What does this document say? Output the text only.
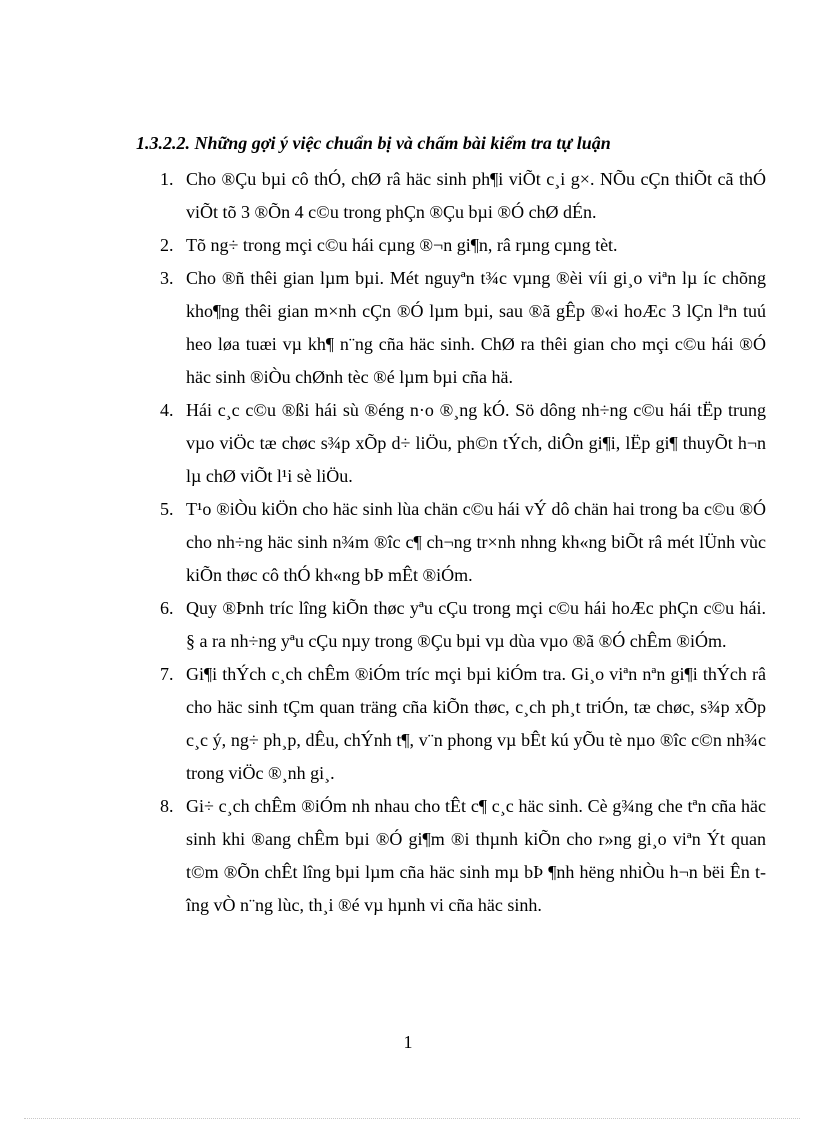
1.3.2.2. Những gợi ý việc chuẩn bị và chấm bài kiểm tra tự luận
1. Cho ®Çu bµi cô thÓ, chØ râ häc sinh ph¶i viÕt c¸i g×. NÕu cÇn thiÕt cã thÓ viÕt tõ 3 ®Õn 4 c©u trong phÇn ®Çu bµi ®Ó chØ dÉn.
2. Tõ ng÷ trong mçi c©u hái cµng ®¬n gi¶n, râ rµng cµng tèt.
3. Cho ®ñ thêi gian lµm bµi. Mét nguyªn t¾c vµng ®èi víi gi¸o viªn lµ íc chõng kho¶ng thêi gian m×nh cÇn ®Ó lµm bµi, sau ®ã gÊp ®«i hoÆc 3 lÇn lªn tuú heo løa tuæi vµ kh¶ n¨ng cña häc sinh. ChØ ra thêi gian cho mçi c©u hái ®Ó häc sinh ®iÒu chØnh tèc ®é lµm bµi cña hä.
4. Hái c¸c c©u ®ßi hái sù ®éng n·o ®¸ng kÓ. Sö dông nh÷ng c©u hái tËp trung vµo viÖc tæ chøc s¾p xÕp d÷ liÖu, ph©n tÝch, diÔn gi¶i, lËp gi¶ thuyÕt h¬n lµ chØ viÕt l¹i sè liÖu.
5. T¹o ®iÒu kiÖn cho häc sinh lùa chän c©u hái vÝ dô chän hai trong ba c©u ®Ó cho nh÷ng häc sinh n¾m ®îc c¶ ch¬ng tr×nh nhng kh«ng biÕt râ mét lÜnh vùc kiÕn thøc cô thÓ kh«ng bÞ mÊt ®iÓm.
6. Quy ®Þnh tríc lîng kiÕn thøc yªu cÇu trong mçi c©u hái hoÆc phÇn c©u hái. § a ra nh÷ng yªu cÇu nµy trong ®Çu bµi vµ dùa vµo ®ã ®Ó chÊm ®iÓm.
7. Gi¶i thÝch c¸ch chÊm ®iÓm tríc mçi bµi kiÓm tra. Gi¸o viªn nªn gi¶i thÝch râ cho häc sinh tÇm quan träng cña kiÕn thøc, c¸ch ph¸t triÓn, tæ chøc, s¾p xÕp c¸c ý, ng÷ ph¸p, dÊu, chÝnh t¶, v¨n phong vµ bÊt kú yÕu tè nµo ®îc c©n nh¾c trong viÖc ®¸nh gi¸.
8. Gi÷ c¸ch chÊm ®iÓm nh nhau cho tÊt c¶ c¸c häc sinh. Cè g¾ng che tªn cña häc sinh khi ®ang chÊm bµi ®Ó gi¶m ®i thµnh kiÕn cho r»ng gi¸o viªn Ýt quan t©m ®Õn chÊt lîng bµi lµm cña häc sinh mµ bÞ ¶nh hëng nhiÒu h¬n bëi Ên tîng vÒ n¨ng lùc, th¸i ®é vµ hµnh vi cña häc sinh.
1
